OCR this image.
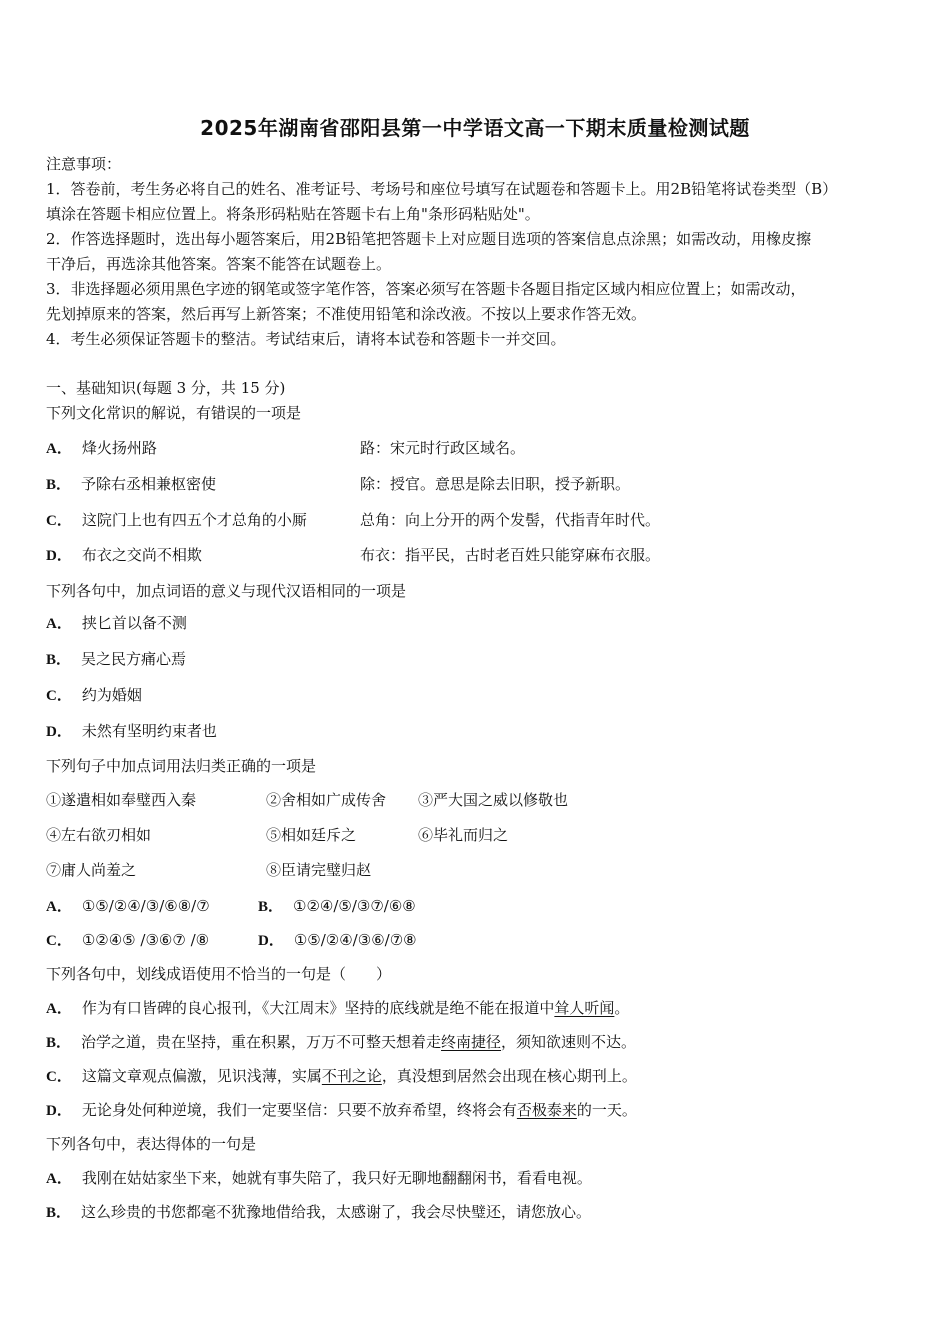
2025年湖南省邵阳县第一中学语文高一下期末质量检测试题
注意事项：
1．答卷前，考生务必将自己的姓名、准考证号、考场号和座位号填写在试题卷和答题卡上。用2B铅笔将试卷类型（B）
填涂在答题卡相应位置上。将条形码粘贴在答题卡右上角"条形码粘贴处"。
2．作答选择题时，选出每小题答案后，用2B铅笔把答题卡上对应题目选项的答案信息点涂黑；如需改动，用橡皮擦
干净后，再选涂其他答案。答案不能答在试题卷上。
3．非选择题必须用黑色字迹的钢笔或签字笔作答，答案必须写在答题卡各题目指定区域内相应位置上；如需改动，
先划掉原来的答案，然后再写上新答案；不准使用铅笔和涂改液。不按以上要求作答无效。
4．考生必须保证答题卡的整洁。考试结束后，请将本试卷和答题卡一并交回。
一、基础知识(每题 3 分，共 15 分)
下列文化常识的解说，有错误的一项是
A． 烽火扬州路	路：宋元时行政区域名。
B． 予除右丞相兼枢密使	除：授官。意思是除去旧职，授予新职。
C． 这院门上也有四五个才总角的小厮	总角：向上分开的两个发髻，代指青年时代。
D． 布衣之交尚不相欺	布衣：指平民，古时老百姓只能穿麻布衣服。
下列各句中，加点词语的意义与现代汉语相同的一项是
A． 挟匕首以备不测
B． 吴之民方痛心焉
C． 约为婚姻
D． 未然有坚明约束者也
下列句子中加点词用法归类正确的一项是
①遂遣相如奉璧西入秦	②舍相如广成传舍 ③严大国之威以修敬也
④左右欲刃相如	⑤相如廷斥之	⑥毕礼而归之
⑦庸人尚羞之	⑧臣请完璧归赵
A． ①⑤/②④/③/⑥⑧/⑦	B． ①②④/⑤/③⑦/⑥⑧
C． ①②④⑤ /③⑥⑦ /⑧	D． ①⑤/②④/③⑥/⑦⑧
下列各句中，划线成语使用不恰当的一句是（　　）
A． 作为有口皆碑的良心报刊，《大江周末》坚持的底线就是绝不能在报道中耸人听闻。
B． 治学之道，贵在坚持，重在积累，万万不可整天想着走终南捷径，须知欲速则不达。
C． 这篇文章观点偏激，见识浅薄，实属不刊之论，真没想到居然会出现在核心期刊上。
D． 无论身处何种逆境，我们一定要坚信：只要不放弃希望，终将会有否极泰来的一天。
下列各句中，表达得体的一句是
A． 我刚在姑姑家坐下来，她就有事失陪了，我只好无聊地翻翻闲书，看看电视。
B． 这么珍贵的书您都毫不犹豫地借给我，太感谢了，我会尽快璧还，请您放心。
